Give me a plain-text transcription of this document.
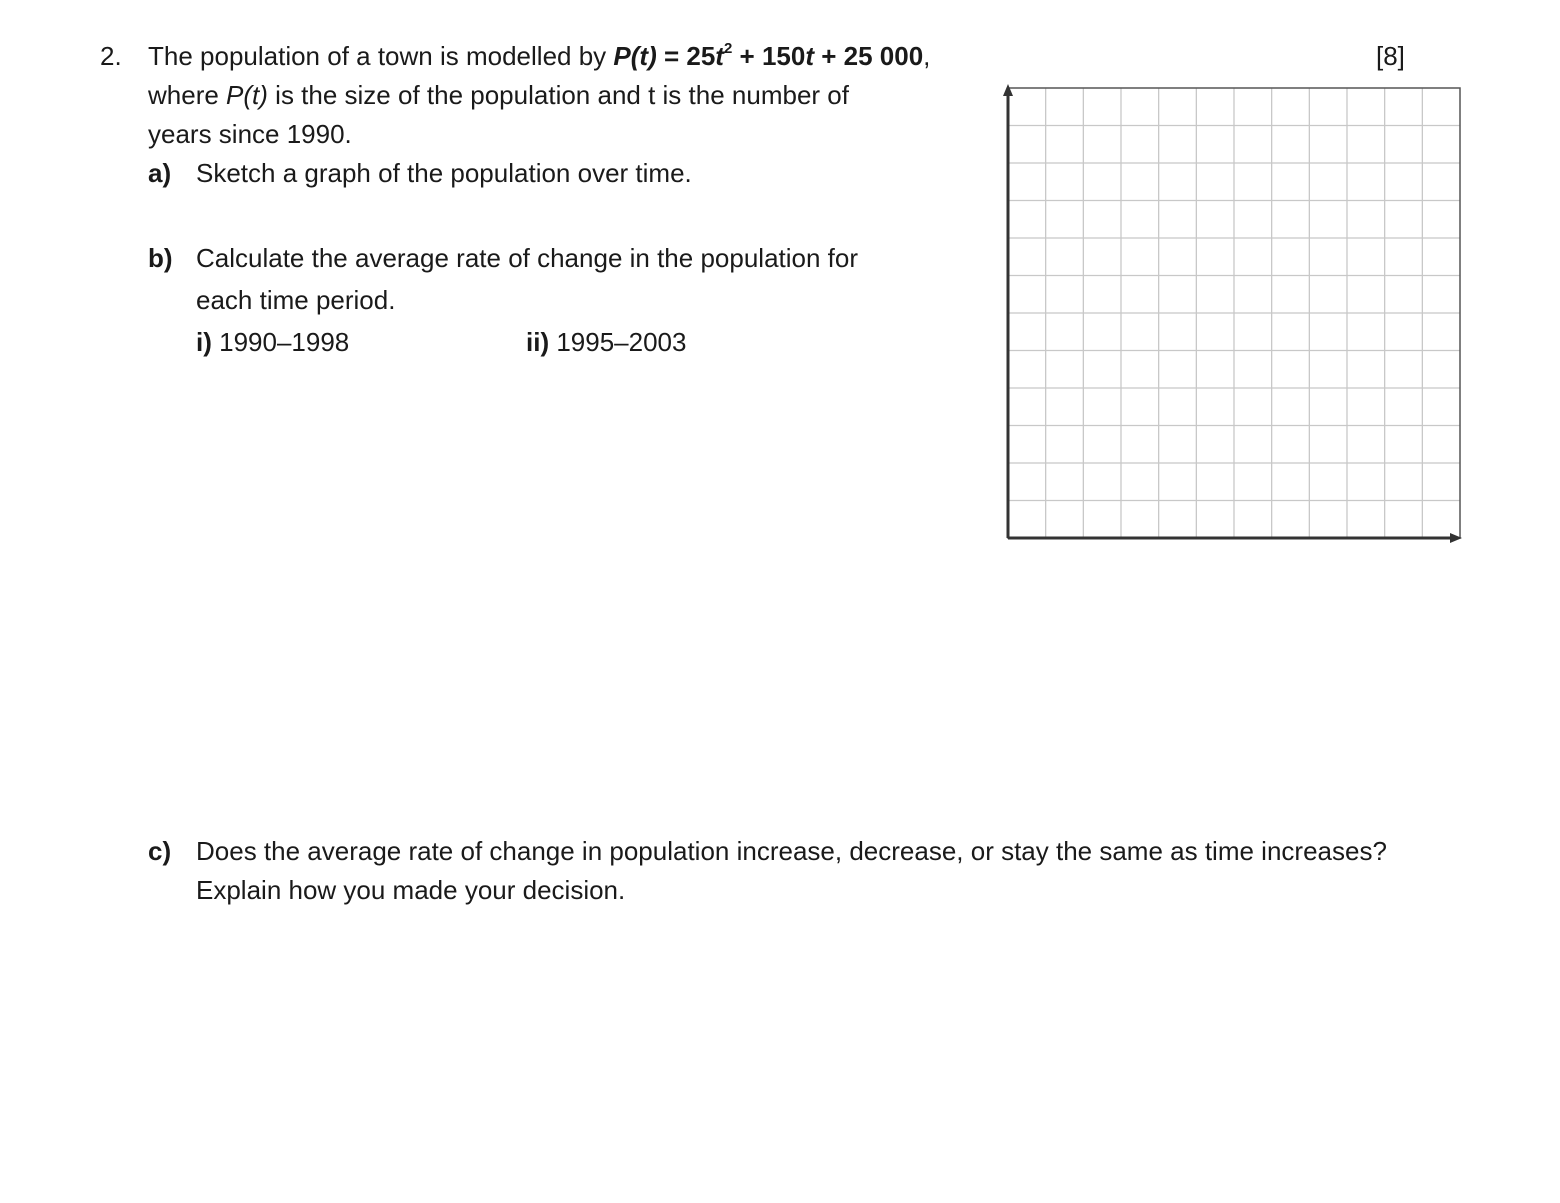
2. The population of a town is modelled by $P(t) = 25t^2 + 150t + 25$ 000,	[8]
where P(t) is the size of the population and t is the number of
years since 1990.
a) Sketch a graph of the population over time.
b) Calculate the average rate of change in the population for
each time period.
i) 1990–1998	ii) 1995–2003
c) Does the average rate of change in population increase, decrease, or stay the same as time increases?
Explain how you made your decision.
